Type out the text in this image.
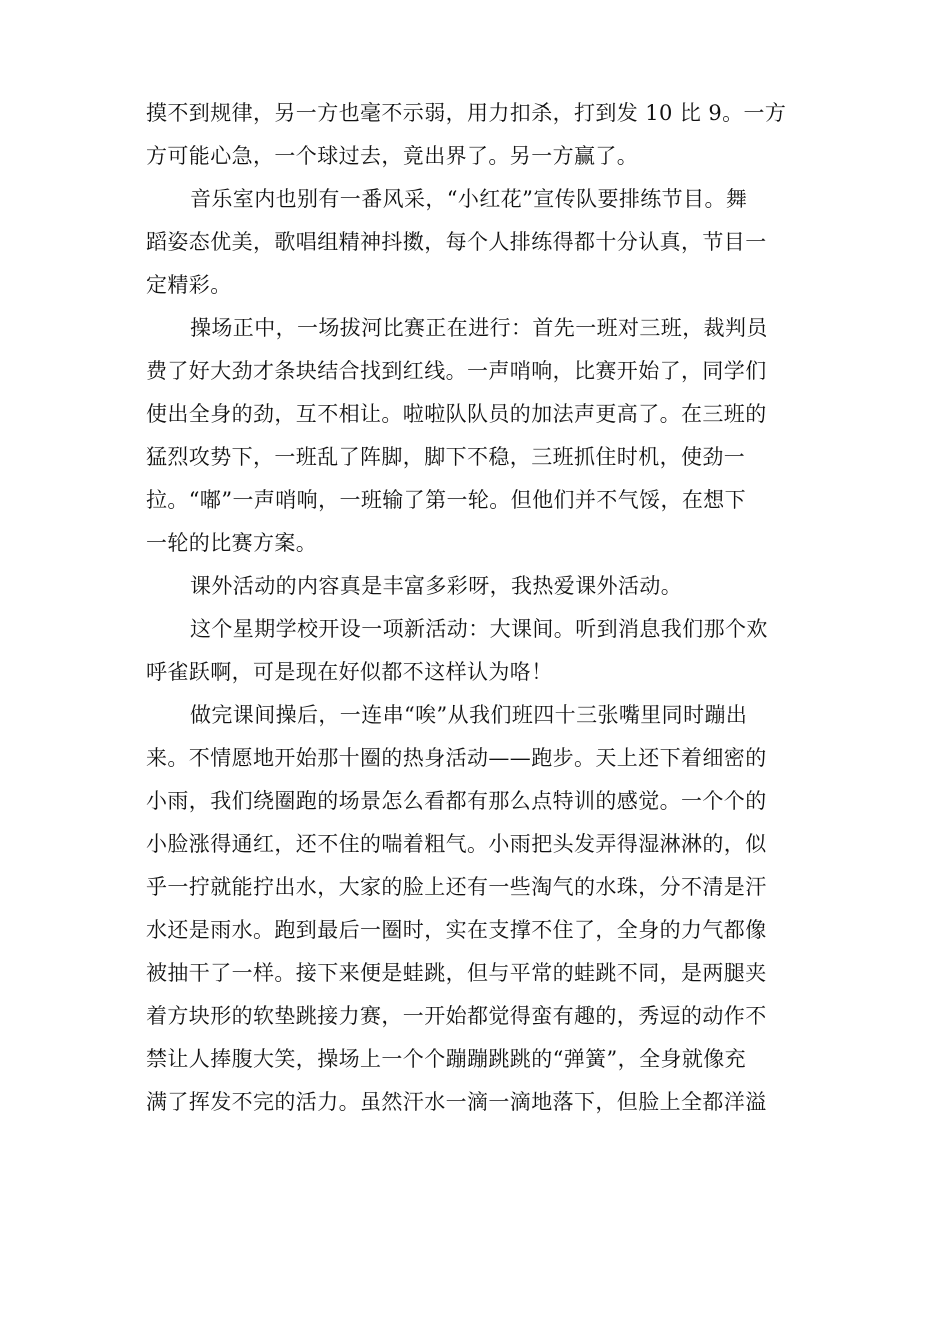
摸不到规律，另一方也毫不示弱，用力扣杀，打到发 10 比 9。一方
方可能心急，一个球过去，竟出界了。另一方赢了。
音乐室内也别有一番风采，“小红花”宣传队要排练节目。舞
蹈姿态优美，歌唱组精神抖擞，每个人排练得都十分认真，节目一
定精彩。
操场正中，一场拔河比赛正在进行：首先一班对三班，裁判员
费了好大劲才条块结合找到红线。一声哨响，比赛开始了，同学们
使出全身的劲，互不相让。啦啦队队员的加法声更高了。在三班的
猛烈攻势下，一班乱了阵脚，脚下不稳，三班抓住时机，使劲一
拉。“嘟”一声哨响，一班输了第一轮。但他们并不气馁，在想下
一轮的比赛方案。
课外活动的内容真是丰富多彩呀，我热爱课外活动。
这个星期学校开设一项新活动：大课间。听到消息我们那个欢
呼雀跃啊，可是现在好似都不这样认为咯！
做完课间操后，一连串“唉”从我们班四十三张嘴里同时蹦出
来。不情愿地开始那十圈的热身活动——跑步。天上还下着细密的
小雨，我们绕圈跑的场景怎么看都有那么点特训的感觉。一个个的
小脸涨得通红，还不住的喘着粗气。小雨把头发弄得湿淋淋的，似
乎一拧就能拧出水，大家的脸上还有一些淘气的水珠，分不清是汗
水还是雨水。跑到最后一圈时，实在支撑不住了，全身的力气都像
被抽干了一样。接下来便是蛙跳，但与平常的蛙跳不同，是两腿夹
着方块形的软垫跳接力赛，一开始都觉得蛮有趣的，秀逗的动作不
禁让人捧腹大笑，操场上一个个蹦蹦跳跳的“弹簧”，全身就像充
满了挥发不完的活力。虽然汗水一滴一滴地落下，但脸上全都洋溢
